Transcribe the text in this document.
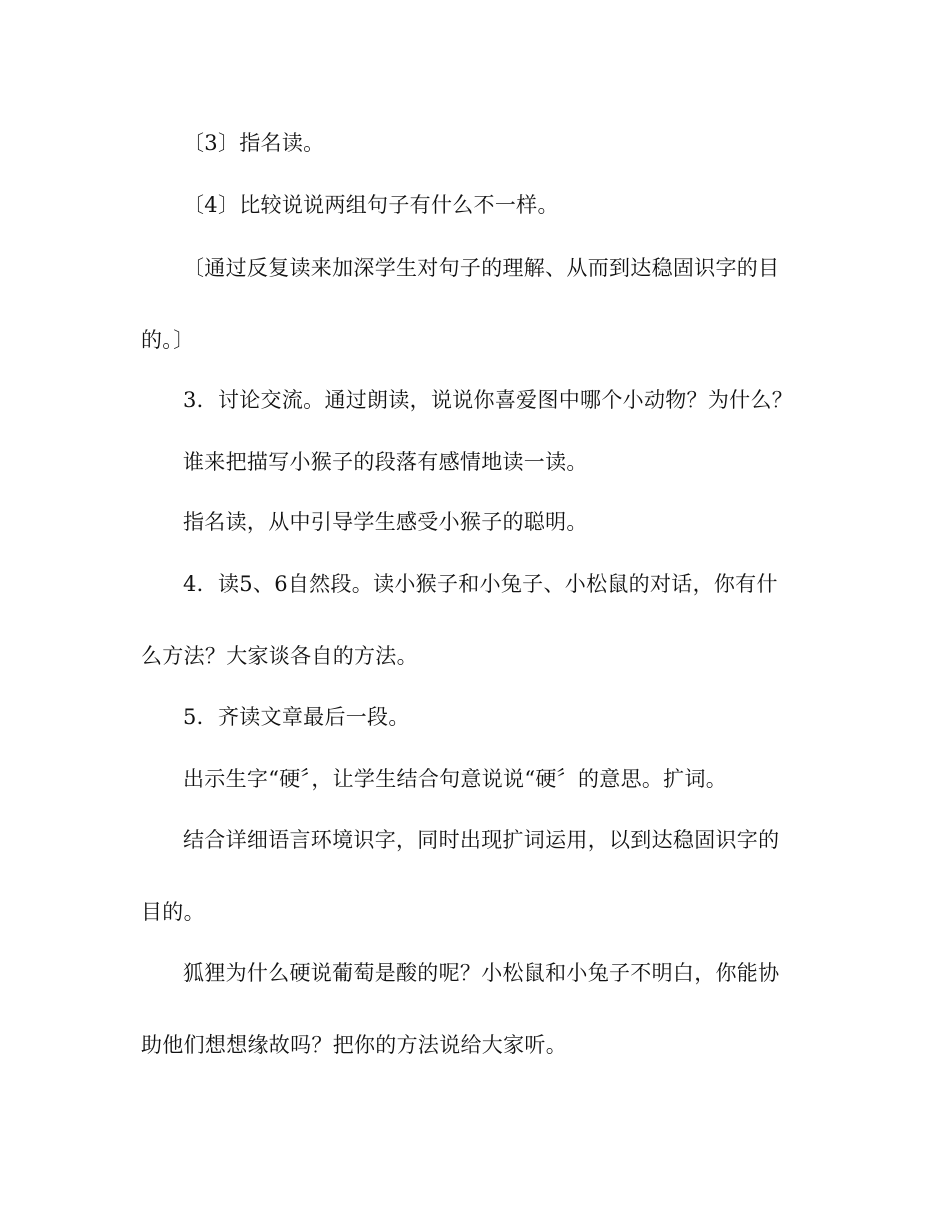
〔3〕指名读。
〔4〕比较说说两组句子有什么不一样。
〔通过反复读来加深学生对句子的理解、从而到达稳固识字的目
的。〕
3．讨论交流。通过朗读，说说你喜爱图中哪个小动物？为什么？
谁来把描写小猴子的段落有感情地读一读。
指名读，从中引导学生感受小猴子的聪明。
4．读5、6自然段。读小猴子和小兔子、小松鼠的对话，你有什
么方法？大家谈各自的方法。
5．齐读文章最后一段。
出示生字“硬〞，让学生结合句意说说“硬〞的意思。扩词。
结合详细语言环境识字，同时出现扩词运用，以到达稳固识字的
目的。
狐狸为什么硬说葡萄是酸的呢？小松鼠和小兔子不明白，你能协
助他们想想缘故吗？把你的方法说给大家听。
